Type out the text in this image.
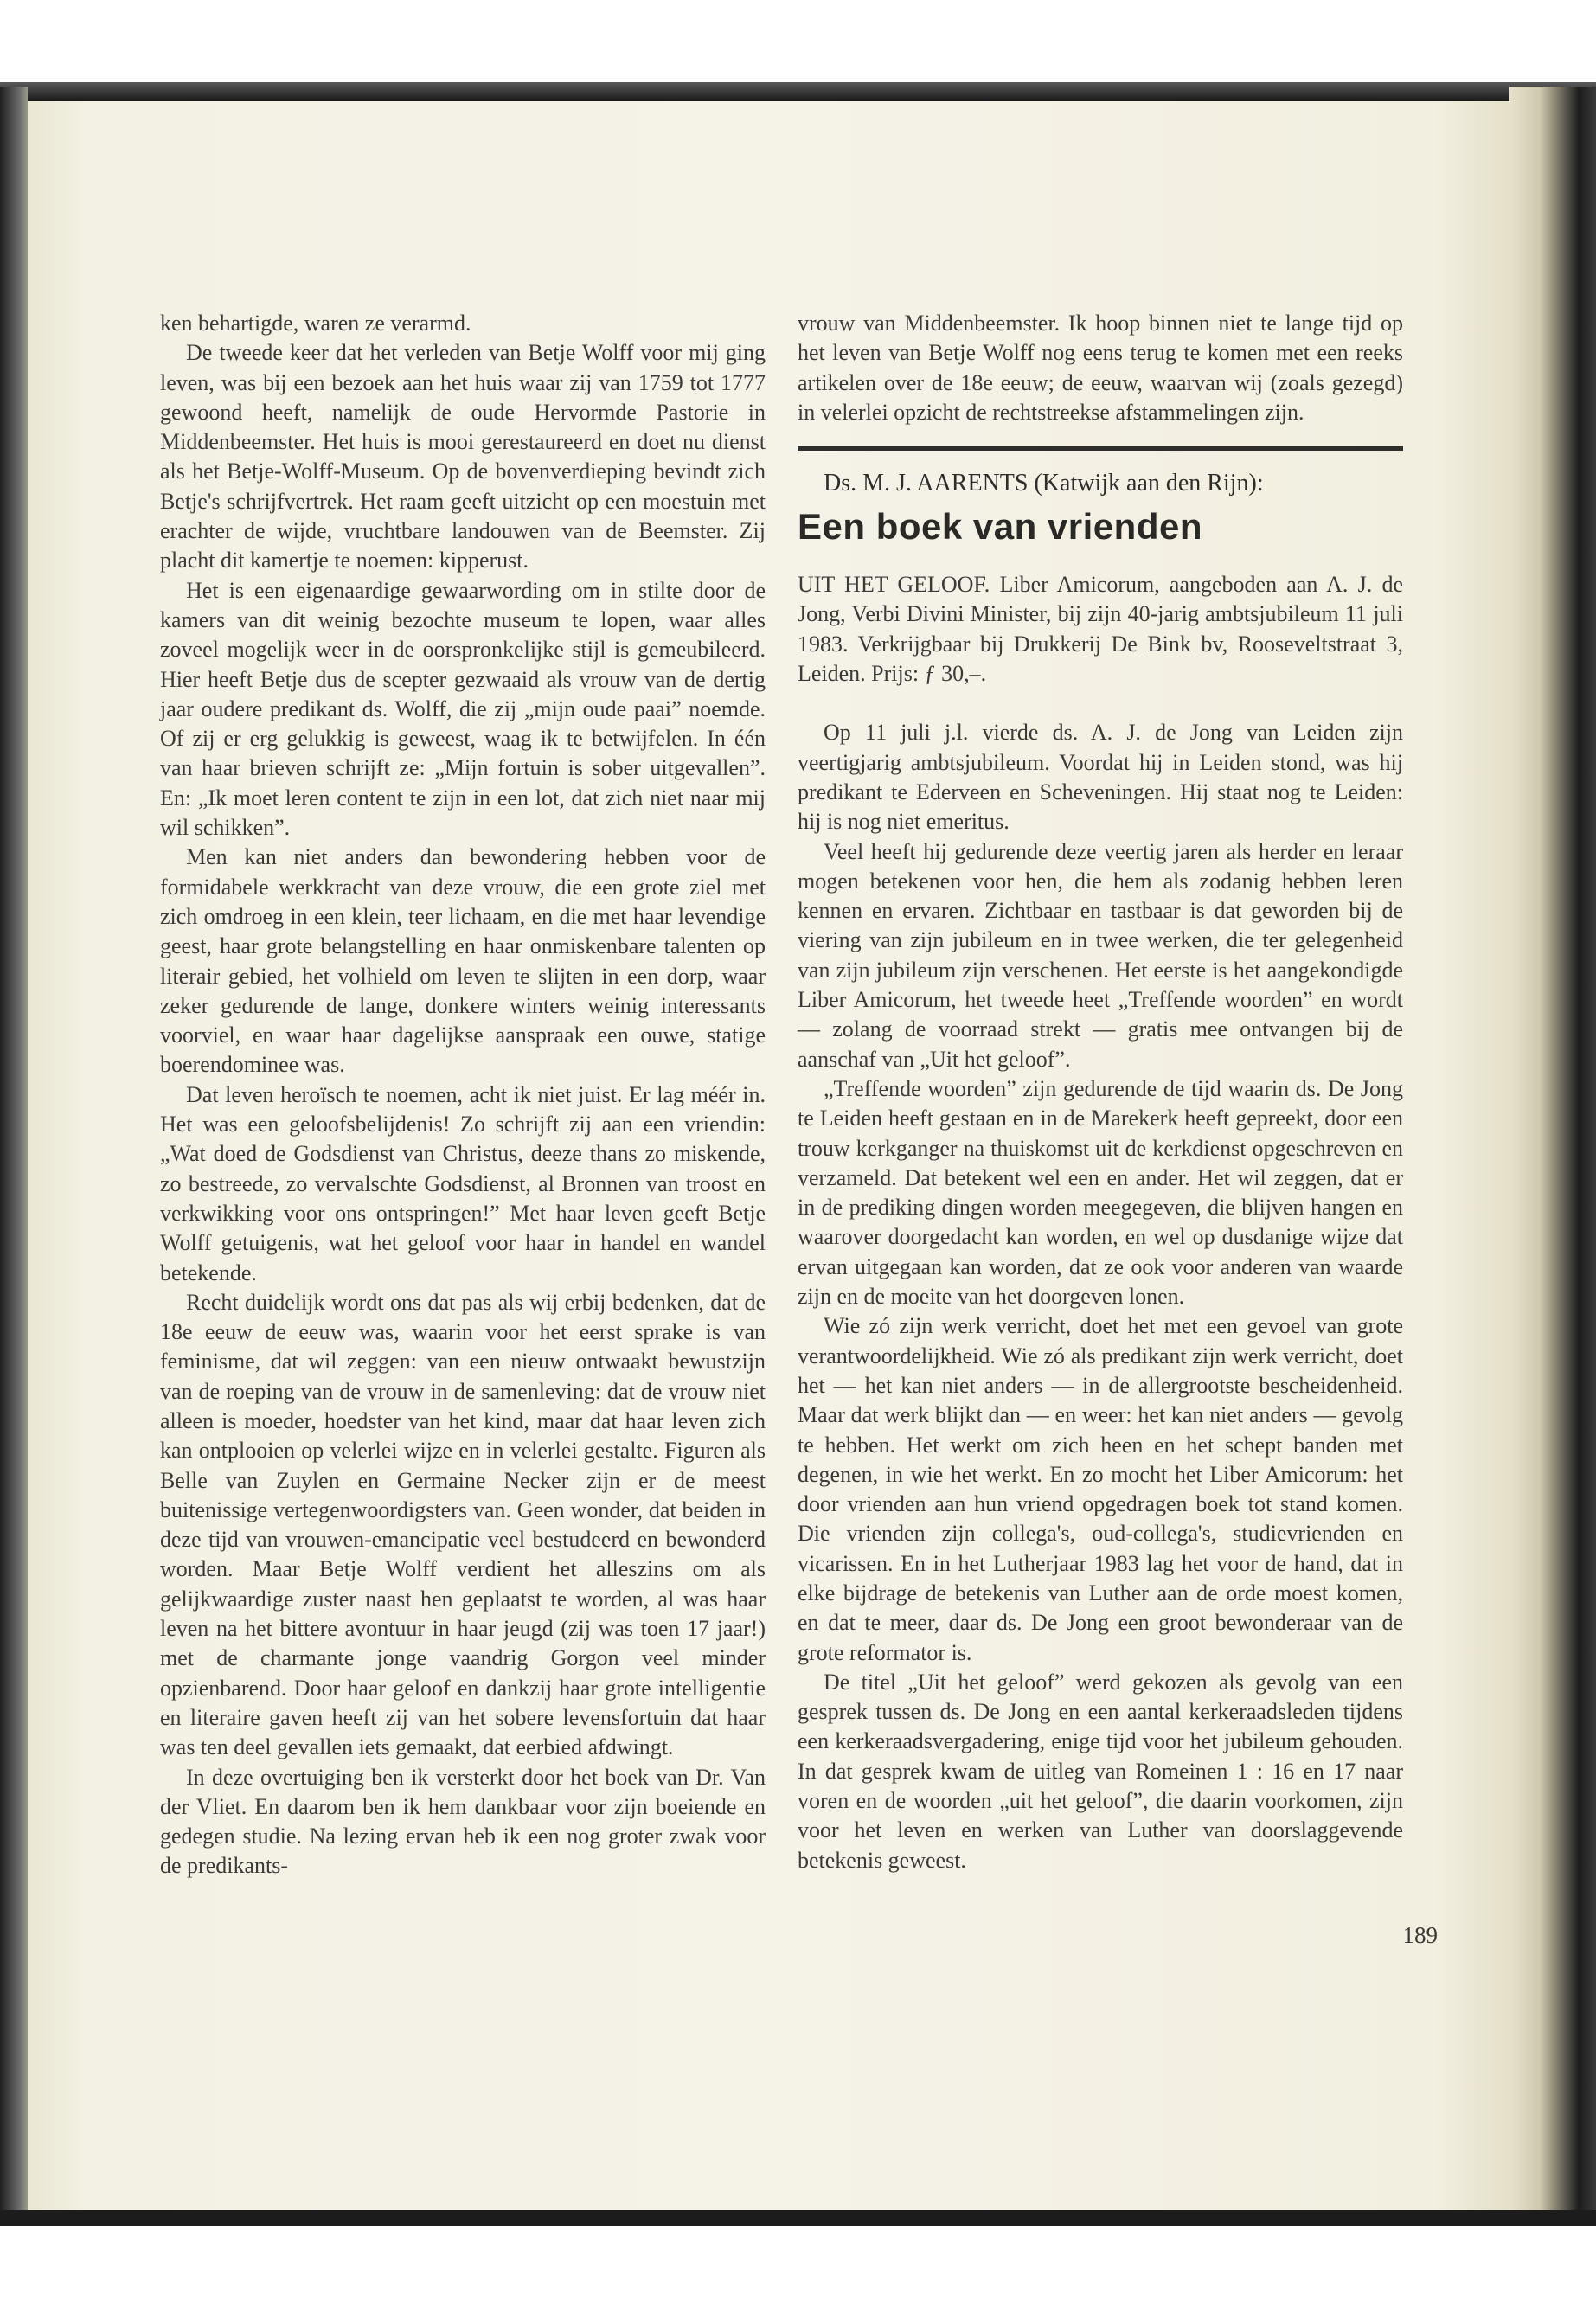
ken behartigde, waren ze verarmd.

De tweede keer dat het verleden van Betje Wolff voor mij ging leven, was bij een bezoek aan het huis waar zij van 1759 tot 1777 gewoond heeft, namelijk de oude Hervormde Pastorie in Middenbeemster. Het huis is mooi gerestaureerd en doet nu dienst als het Betje-Wolff-Museum. Op de bovenverdieping bevindt zich Betje's schrijfvertrek. Het raam geeft uitzicht op een moestuin met erachter de wijde, vruchtbare landouwen van de Beemster. Zij placht dit kamertje te noemen: kipperust.

Het is een eigenaardige gewaarwording om in stilte door de kamers van dit weinig bezochte museum te lopen, waar alles zoveel mogelijk weer in de oorspronkelijke stijl is gemeubileerd. Hier heeft Betje dus de scepter gezwaaid als vrouw van de dertig jaar oudere predikant ds. Wolff, die zij „mijn oude paai” noemde. Of zij er erg gelukkig is geweest, waag ik te betwijfelen. In één van haar brieven schrijft ze: „Mijn fortuin is sober uitgevallen”. En: „Ik moet leren content te zijn in een lot, dat zich niet naar mij wil schikken”.

Men kan niet anders dan bewondering hebben voor de formidabele werkkracht van deze vrouw, die een grote ziel met zich omdroeg in een klein, teer lichaam, en die met haar levendige geest, haar grote belangstelling en haar onmiskenbare talenten op literair gebied, het volhield om leven te slijten in een dorp, waar zeker gedurende de lange, donkere winters weinig interessants voorviel, en waar haar dagelijkse aanspraak een ouwe, statige boerendominee was.

Dat leven heroïsch te noemen, acht ik niet juist. Er lag méér in. Het was een geloofsbelijdenis! Zo schrijft zij aan een vriendin: „Wat doed de Godsdienst van Christus, deeze thans zo miskende, zo bestreede, zo vervalschte Godsdienst, al Bronnen van troost en verkwikking voor ons ontspringen!” Met haar leven geeft Betje Wolff getuigenis, wat het geloof voor haar in handel en wandel betekende.

Recht duidelijk wordt ons dat pas als wij erbij bedenken, dat de 18e eeuw de eeuw was, waarin voor het eerst sprake is van feminisme, dat wil zeggen: van een nieuw ontwaakt bewustzijn van de roeping van de vrouw in de samenleving: dat de vrouw niet alleen is moeder, hoedster van het kind, maar dat haar leven zich kan ontplooien op velerlei wijze en in velerlei gestalte. Figuren als Belle van Zuylen en Germaine Necker zijn er de meest buitenissige vertegenwoordigsters van. Geen wonder, dat beiden in deze tijd van vrouwen-emancipatie veel bestudeerd en bewonderd worden. Maar Betje Wolff verdient het alleszins om als gelijkwaardige zuster naast hen geplaatst te worden, al was haar leven na het bittere avontuur in haar jeugd (zij was toen 17 jaar!) met de charmante jonge vaandrig Gorgon veel minder opzienbarend. Door haar geloof en dankzij haar grote intelligentie en literaire gaven heeft zij van het sobere levensfortuin dat haar was ten deel gevallen iets gemaakt, dat eerbied afdwingt.

In deze overtuiging ben ik versterkt door het boek van Dr. Van der Vliet. En daarom ben ik hem dankbaar voor zijn boeiende en gedegen studie. Na lezing ervan heb ik een nog groter zwak voor de predikants-

vrouw van Middenbeemster. Ik hoop binnen niet te lange tijd op het leven van Betje Wolff nog eens terug te komen met een reeks artikelen over de 18e eeuw; de eeuw, waarvan wij (zoals gezegd) in velerlei opzicht de rechtstreekse afstammelingen zijn.

Ds. M. J. AARENTS (Katwijk aan den Rijn):

Een boek van vrienden

UIT HET GELOOF. Liber Amicorum, aangeboden aan A. J. de Jong, Verbi Divini Minister, bij zijn 40-jarig ambtsjubileum 11 juli 1983. Verkrijgbaar bij Drukkerij De Bink bv, Rooseveltstraat 3, Leiden. Prijs: ƒ 30,–.

Op 11 juli j.l. vierde ds. A. J. de Jong van Leiden zijn veertigjarig ambtsjubileum. Voordat hij in Leiden stond, was hij predikant te Ederveen en Scheveningen. Hij staat nog te Leiden: hij is nog niet emeritus.

Veel heeft hij gedurende deze veertig jaren als herder en leraar mogen betekenen voor hen, die hem als zodanig hebben leren kennen en ervaren. Zichtbaar en tastbaar is dat geworden bij de viering van zijn jubileum en in twee werken, die ter gelegenheid van zijn jubileum zijn verschenen. Het eerste is het aangekondigde Liber Amicorum, het tweede heet „Treffende woorden” en wordt — zolang de voorraad strekt — gratis mee ontvangen bij de aanschaf van „Uit het geloof”.

„Treffende woorden” zijn gedurende de tijd waarin ds. De Jong te Leiden heeft gestaan en in de Marekerk heeft gepreekt, door een trouw kerkganger na thuiskomst uit de kerkdienst opgeschreven en verzameld. Dat betekent wel een en ander. Het wil zeggen, dat er in de prediking dingen worden meegegeven, die blijven hangen en waarover doorgedacht kan worden, en wel op dusdanige wijze dat ervan uitgegaan kan worden, dat ze ook voor anderen van waarde zijn en de moeite van het doorgeven lonen.

Wie zó zijn werk verricht, doet het met een gevoel van grote verantwoordelijkheid. Wie zó als predikant zijn werk verricht, doet het — het kan niet anders — in de allergrootste bescheidenheid. Maar dat werk blijkt dan — en weer: het kan niet anders — gevolg te hebben. Het werkt om zich heen en het schept banden met degenen, in wie het werkt. En zo mocht het Liber Amicorum: het door vrienden aan hun vriend opgedragen boek tot stand komen. Die vrienden zijn collega's, oud-collega's, studievrienden en vicarissen. En in het Lutherjaar 1983 lag het voor de hand, dat in elke bijdrage de betekenis van Luther aan de orde moest komen, en dat te meer, daar ds. De Jong een groot bewonderaar van de grote reformator is.

De titel „Uit het geloof” werd gekozen als gevolg van een gesprek tussen ds. De Jong en een aantal kerkeraadsleden tijdens een kerkeraadsvergadering, enige tijd voor het jubileum gehouden. In dat gesprek kwam de uitleg van Romeinen 1 : 16 en 17 naar voren en de woorden „uit het geloof”, die daarin voorkomen, zijn voor het leven en werken van Luther van doorslaggevende betekenis geweest.

189
